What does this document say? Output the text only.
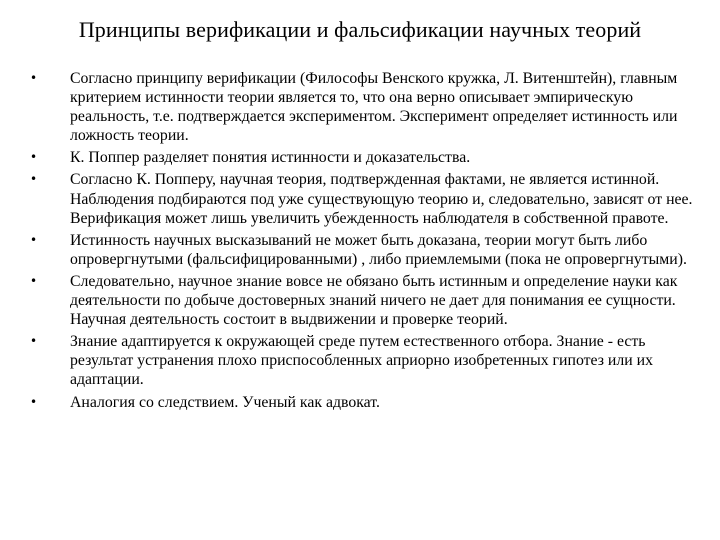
Принципы верификации и фальсификации научных теорий
•	Согласно принципу верификации (Философы Венского кружка, Л. Витенштейн), главным критерием истинности теории является то, что она верно описывает эмпирическую реальность, т.е. подтверждается экспериментом. Эксперимент определяет истинность или ложность теории.
•	К. Поппер разделяет понятия истинности и доказательства.
•	Согласно К. Попперу, научная теория, подтвержденная фактами, не является истинной. Наблюдения подбираются под уже существующую теорию и, следовательно, зависят от нее. Верификация может лишь увеличить убежденность наблюдателя в собственной правоте.
•	Истинность научных высказываний не может быть доказана, теории могут быть либо опровергнутыми (фальсифицированными) , либо приемлемыми (пока не опровергнутыми).
•	Следовательно, научное знание вовсе не обязано быть истинным и определение науки как деятельности по добыче достоверных знаний ничего не дает для понимания ее сущности. Научная деятельность состоит в выдвижении и проверке теорий.
•	Знание адаптируется к окружающей среде путем естественного отбора. Знание - есть результат устранения плохо приспособленных априорно изобретенных гипотез или их адаптации.
•	Аналогия со следствием. Ученый как адвокат.
